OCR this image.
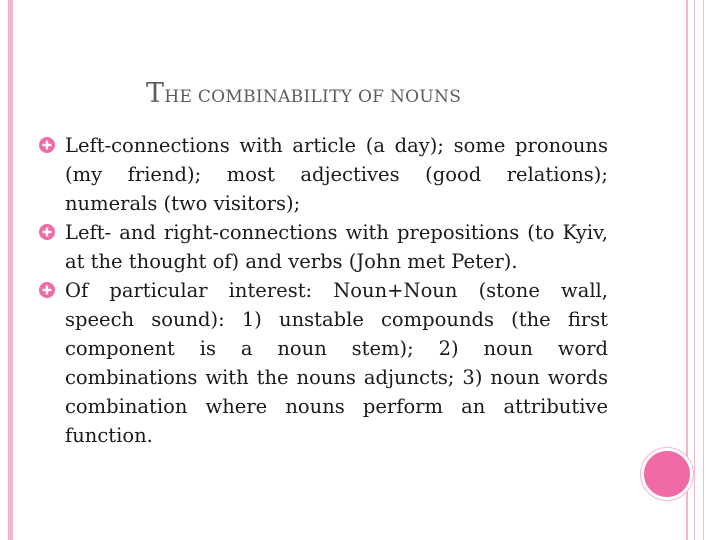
THE COMBINABILITY OF NOUNS
Left-connections with article (a day); some pronouns (my friend); most adjectives (good relations); numerals (two visitors);
Left- and right-connections with prepositions (to Kyiv, at the thought of) and verbs (John met Peter).
Of particular interest: Noun+Noun (stone wall, speech sound): 1) unstable compounds (the first component is a noun stem); 2) noun word combinations with the nouns adjuncts; 3) noun words combination where nouns perform an attributive function.
